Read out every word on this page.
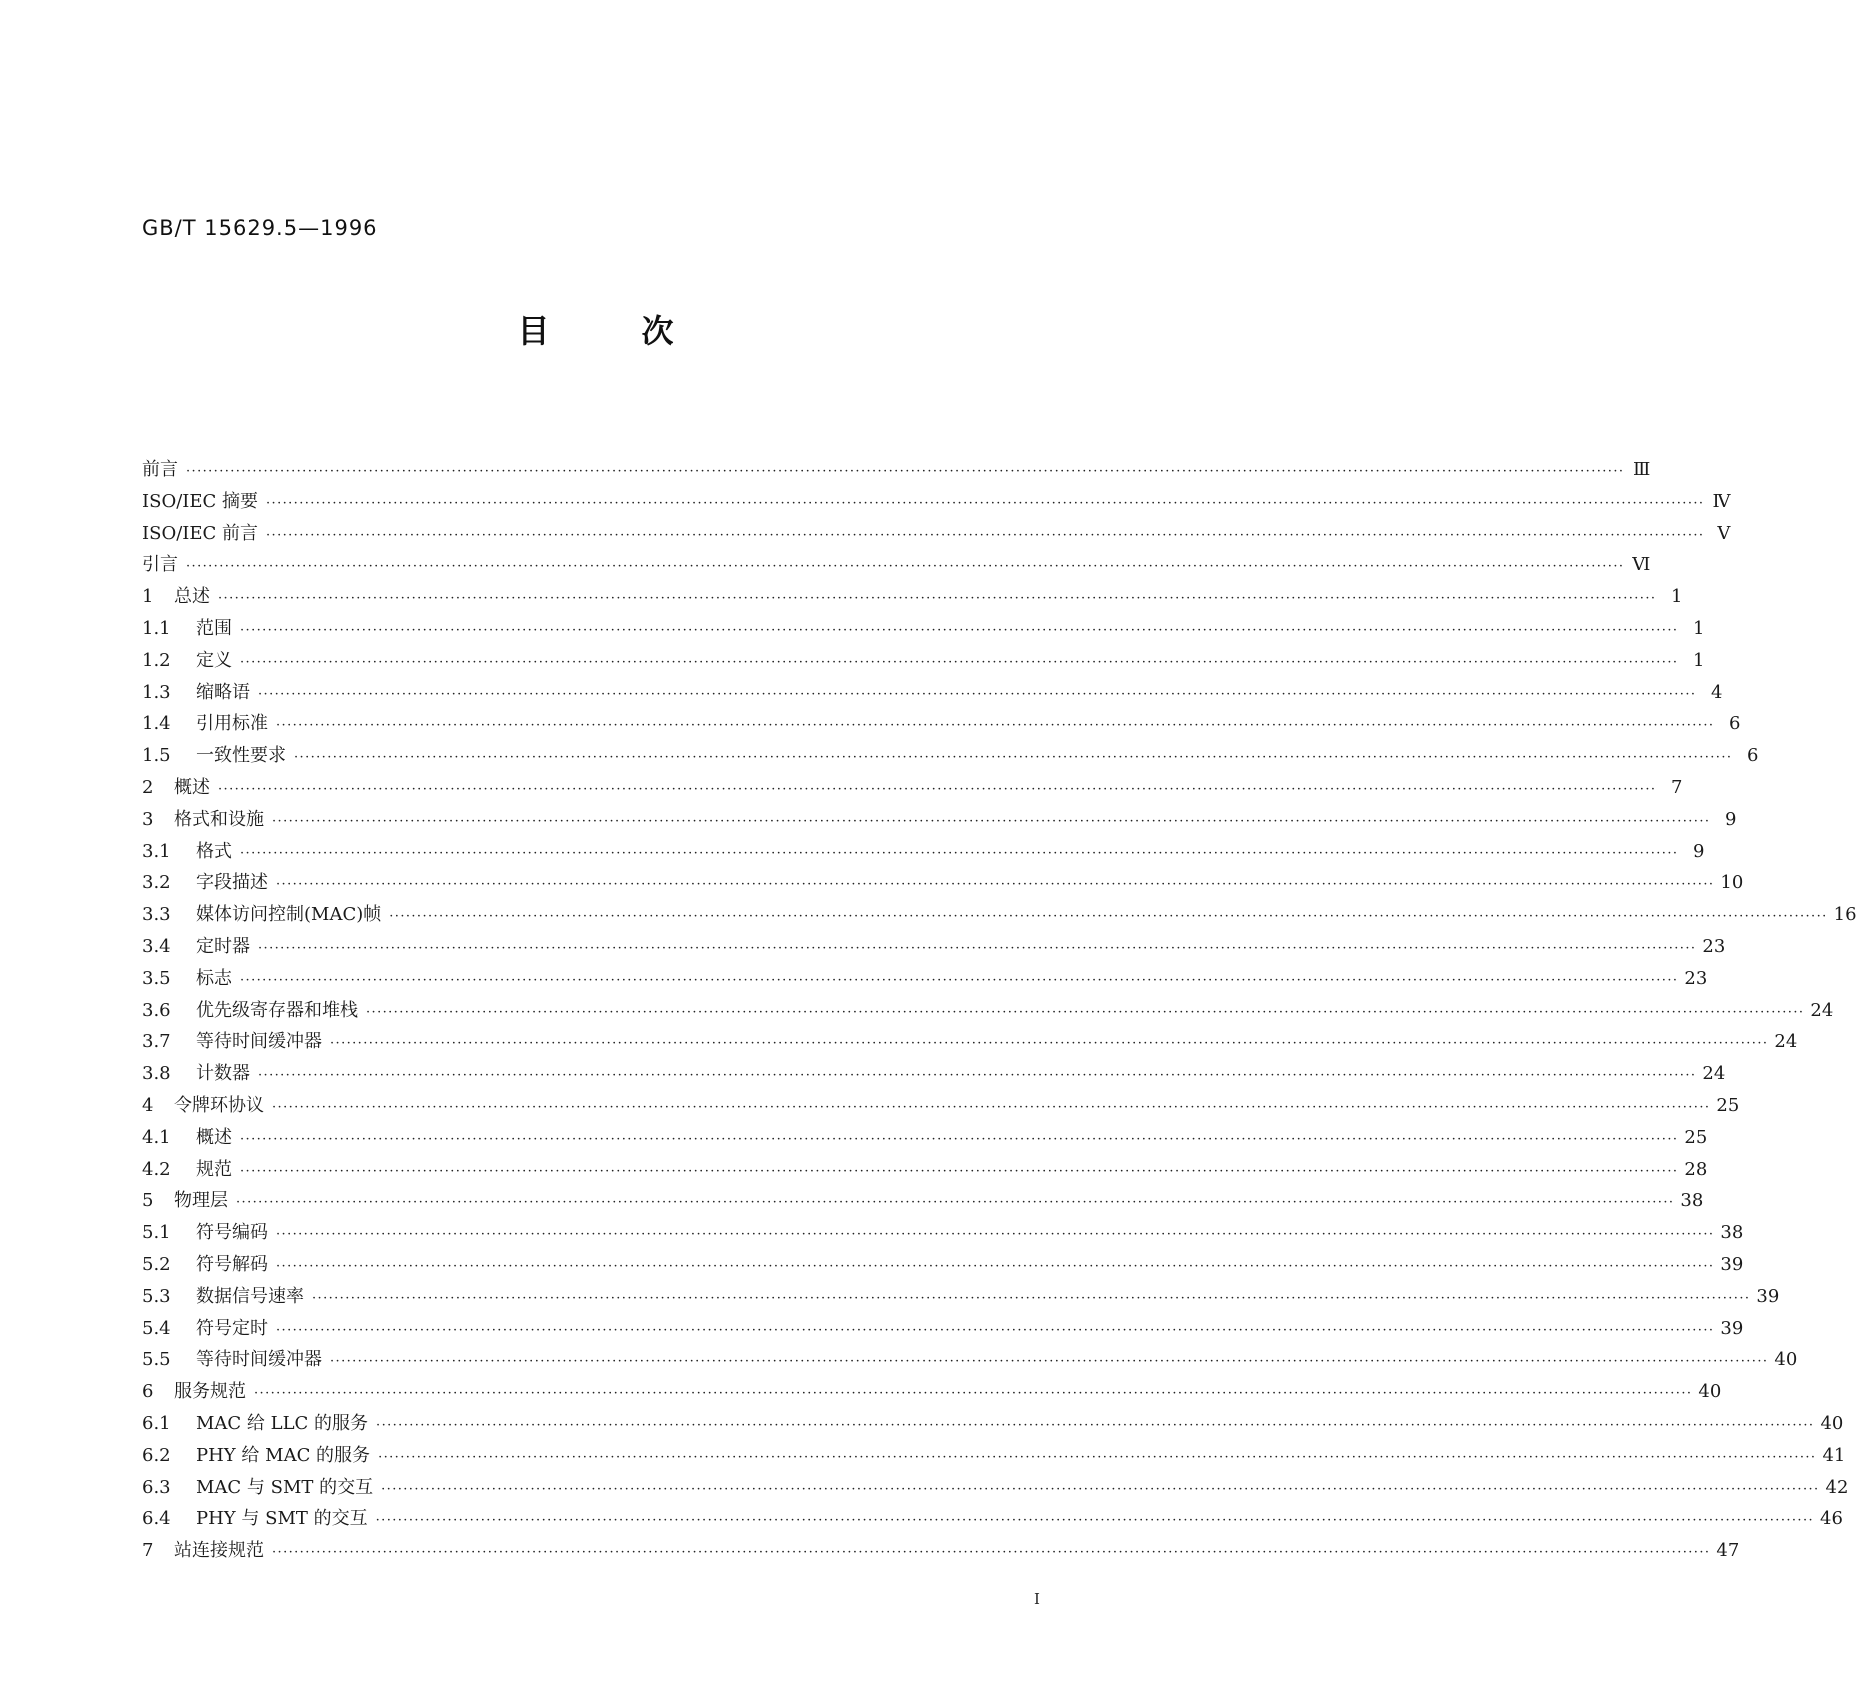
GB/T 15629.5—1996
目次
前言 ···································································································································································································································································· Ⅲ
ISO/IEC 摘要 ···································································································································································································································································· Ⅳ
ISO/IEC 前言 ···································································································································································································································································· Ⅴ
引言 ···································································································································································································································································· Ⅵ
1	总述 ···································································································································································································································································· 1
1.1	范围 ···································································································································································································································································· 1
1.2	定义 ···································································································································································································································································· 1
1.3	缩略语 ···································································································································································································································································· 4
1.4	引用标准 ···································································································································································································································································· 6
1.5	一致性要求 ···································································································································································································································································· 6
2	概述 ···································································································································································································································································· 7
3	格式和设施 ···································································································································································································································································· 9
3.1	格式 ···································································································································································································································································· 9
3.2	字段描述 ···································································································································································································································································· 10
3.3	媒体访问控制(MAC)帧 ···································································································································································································································································· 16
3.4	定时器 ···································································································································································································································································· 23
3.5	标志 ···································································································································································································································································· 23
3.6	优先级寄存器和堆栈 ···································································································································································································································································· 24
3.7	等待时间缓冲器 ···································································································································································································································································· 24
3.8	计数器 ···································································································································································································································································· 24
4	令牌环协议 ···································································································································································································································································· 25
4.1	概述 ···································································································································································································································································· 25
4.2	规范 ···································································································································································································································································· 28
5	物理层 ···································································································································································································································································· 38
5.1	符号编码 ···································································································································································································································································· 38
5.2	符号解码 ···································································································································································································································································· 39
5.3	数据信号速率 ···································································································································································································································································· 39
5.4	符号定时 ···································································································································································································································································· 39
5.5	等待时间缓冲器 ···································································································································································································································································· 40
6	服务规范 ···································································································································································································································································· 40
6.1	MAC 给 LLC 的服务 ···································································································································································································································································· 40
6.2	PHY 给 MAC 的服务 ···································································································································································································································································· 41
6.3	MAC 与 SMT 的交互 ···································································································································································································································································· 42
6.4	PHY 与 SMT 的交互 ···································································································································································································································································· 46
7	站连接规范 ···································································································································································································································································· 47
I
